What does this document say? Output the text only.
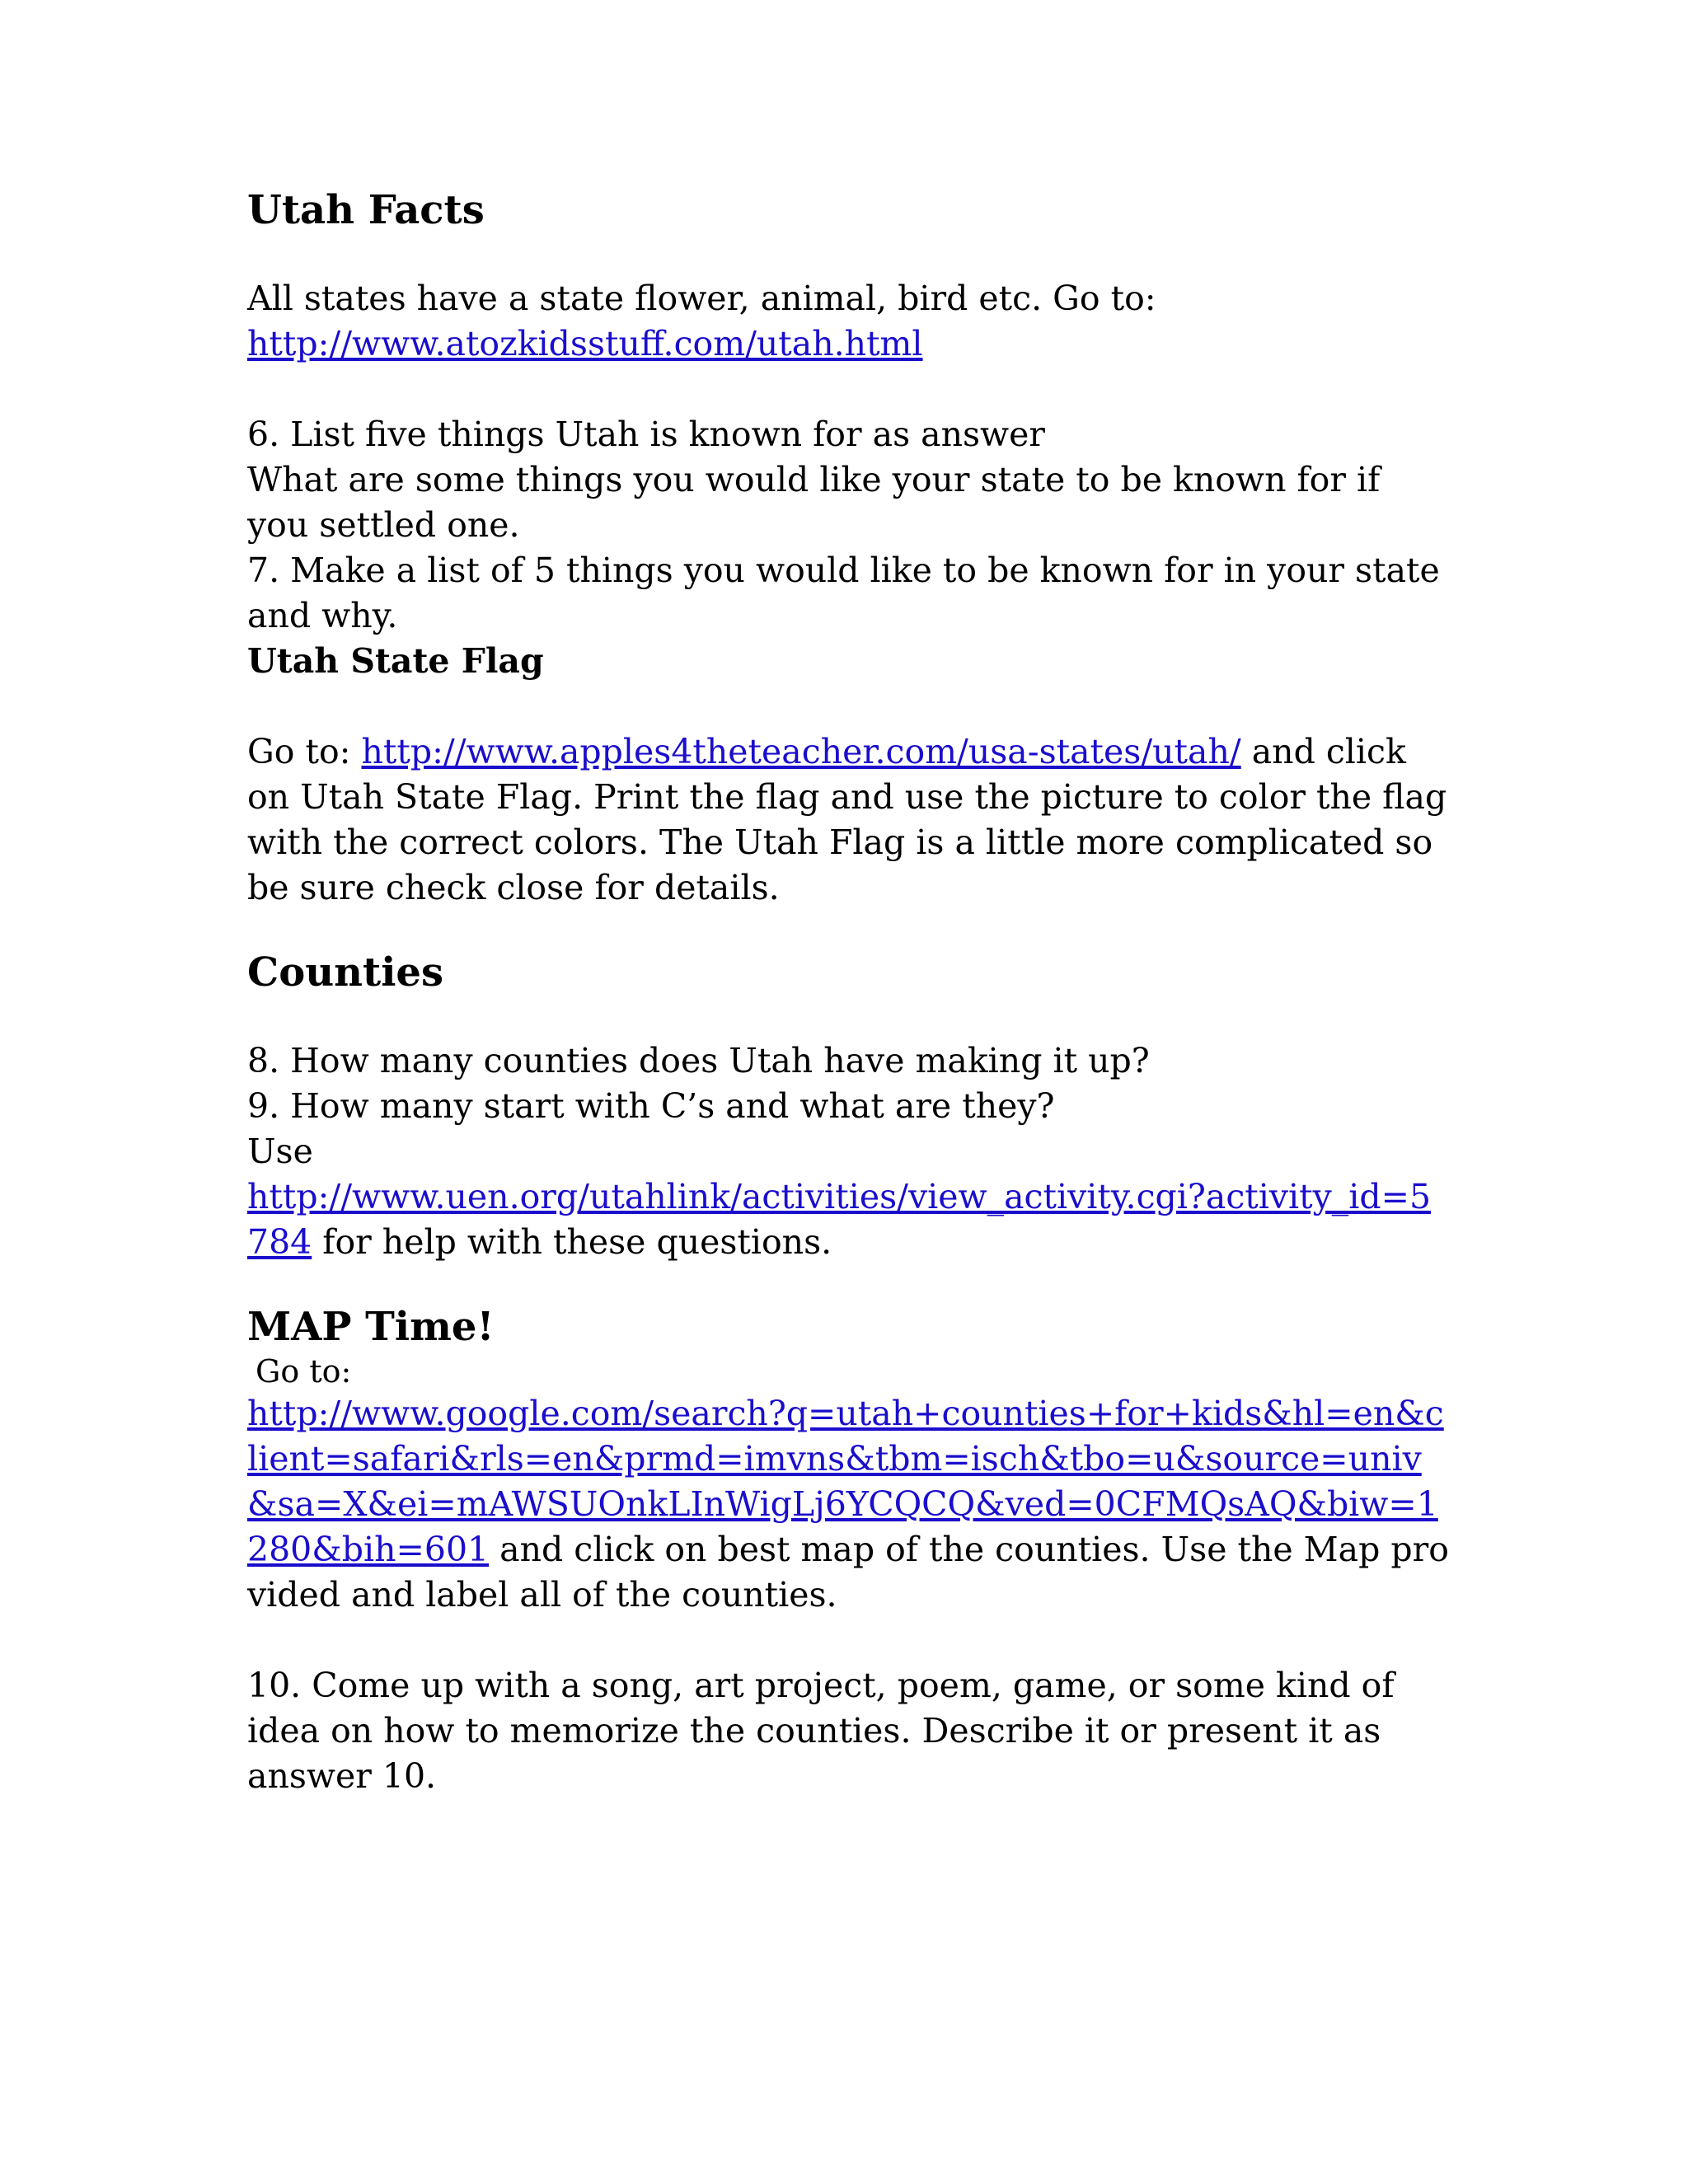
Utah Facts

All states have a state flower, animal, bird etc. Go to:
http://www.atozkidsstuff.com/utah.html

6. List five things Utah is known for as answer

What are some things you would like your state to be known for if you settled one.

7. Make a list of 5 things you would like to be known for in your state and why.

Utah State Flag

Go to: http://www.apples4theteacher.com/usa-states/utah/ and click on Utah State Flag. Print the flag and use the picture to color the flag with the correct colors. The Utah Flag is a little more complicated so be sure check close for details.

Counties

8. How many counties does Utah have making it up?

9. How many start with C’s and what are they?

Use

http://www.uen.org/utahlink/activities/view_activity.cgi?activity_id=5784 for help with these questions.

MAP Time!

Go to:

http://www.google.com/search?q=utah+counties+for+kids&hl=en&client=safari&rls=en&prmd=imvns&tbm=isch&tbo=u&source=univ&sa=X&ei=mAWSUOnkLInWigLj6YCQCQ&ved=0CFMQsAQ&biw=1280&bih=601 and click on best map of the counties. Use the Map provided and label all of the counties.

10. Come up with a song, art project, poem, game, or some kind of idea on how to memorize the counties. Describe it or present it as answer 10.
